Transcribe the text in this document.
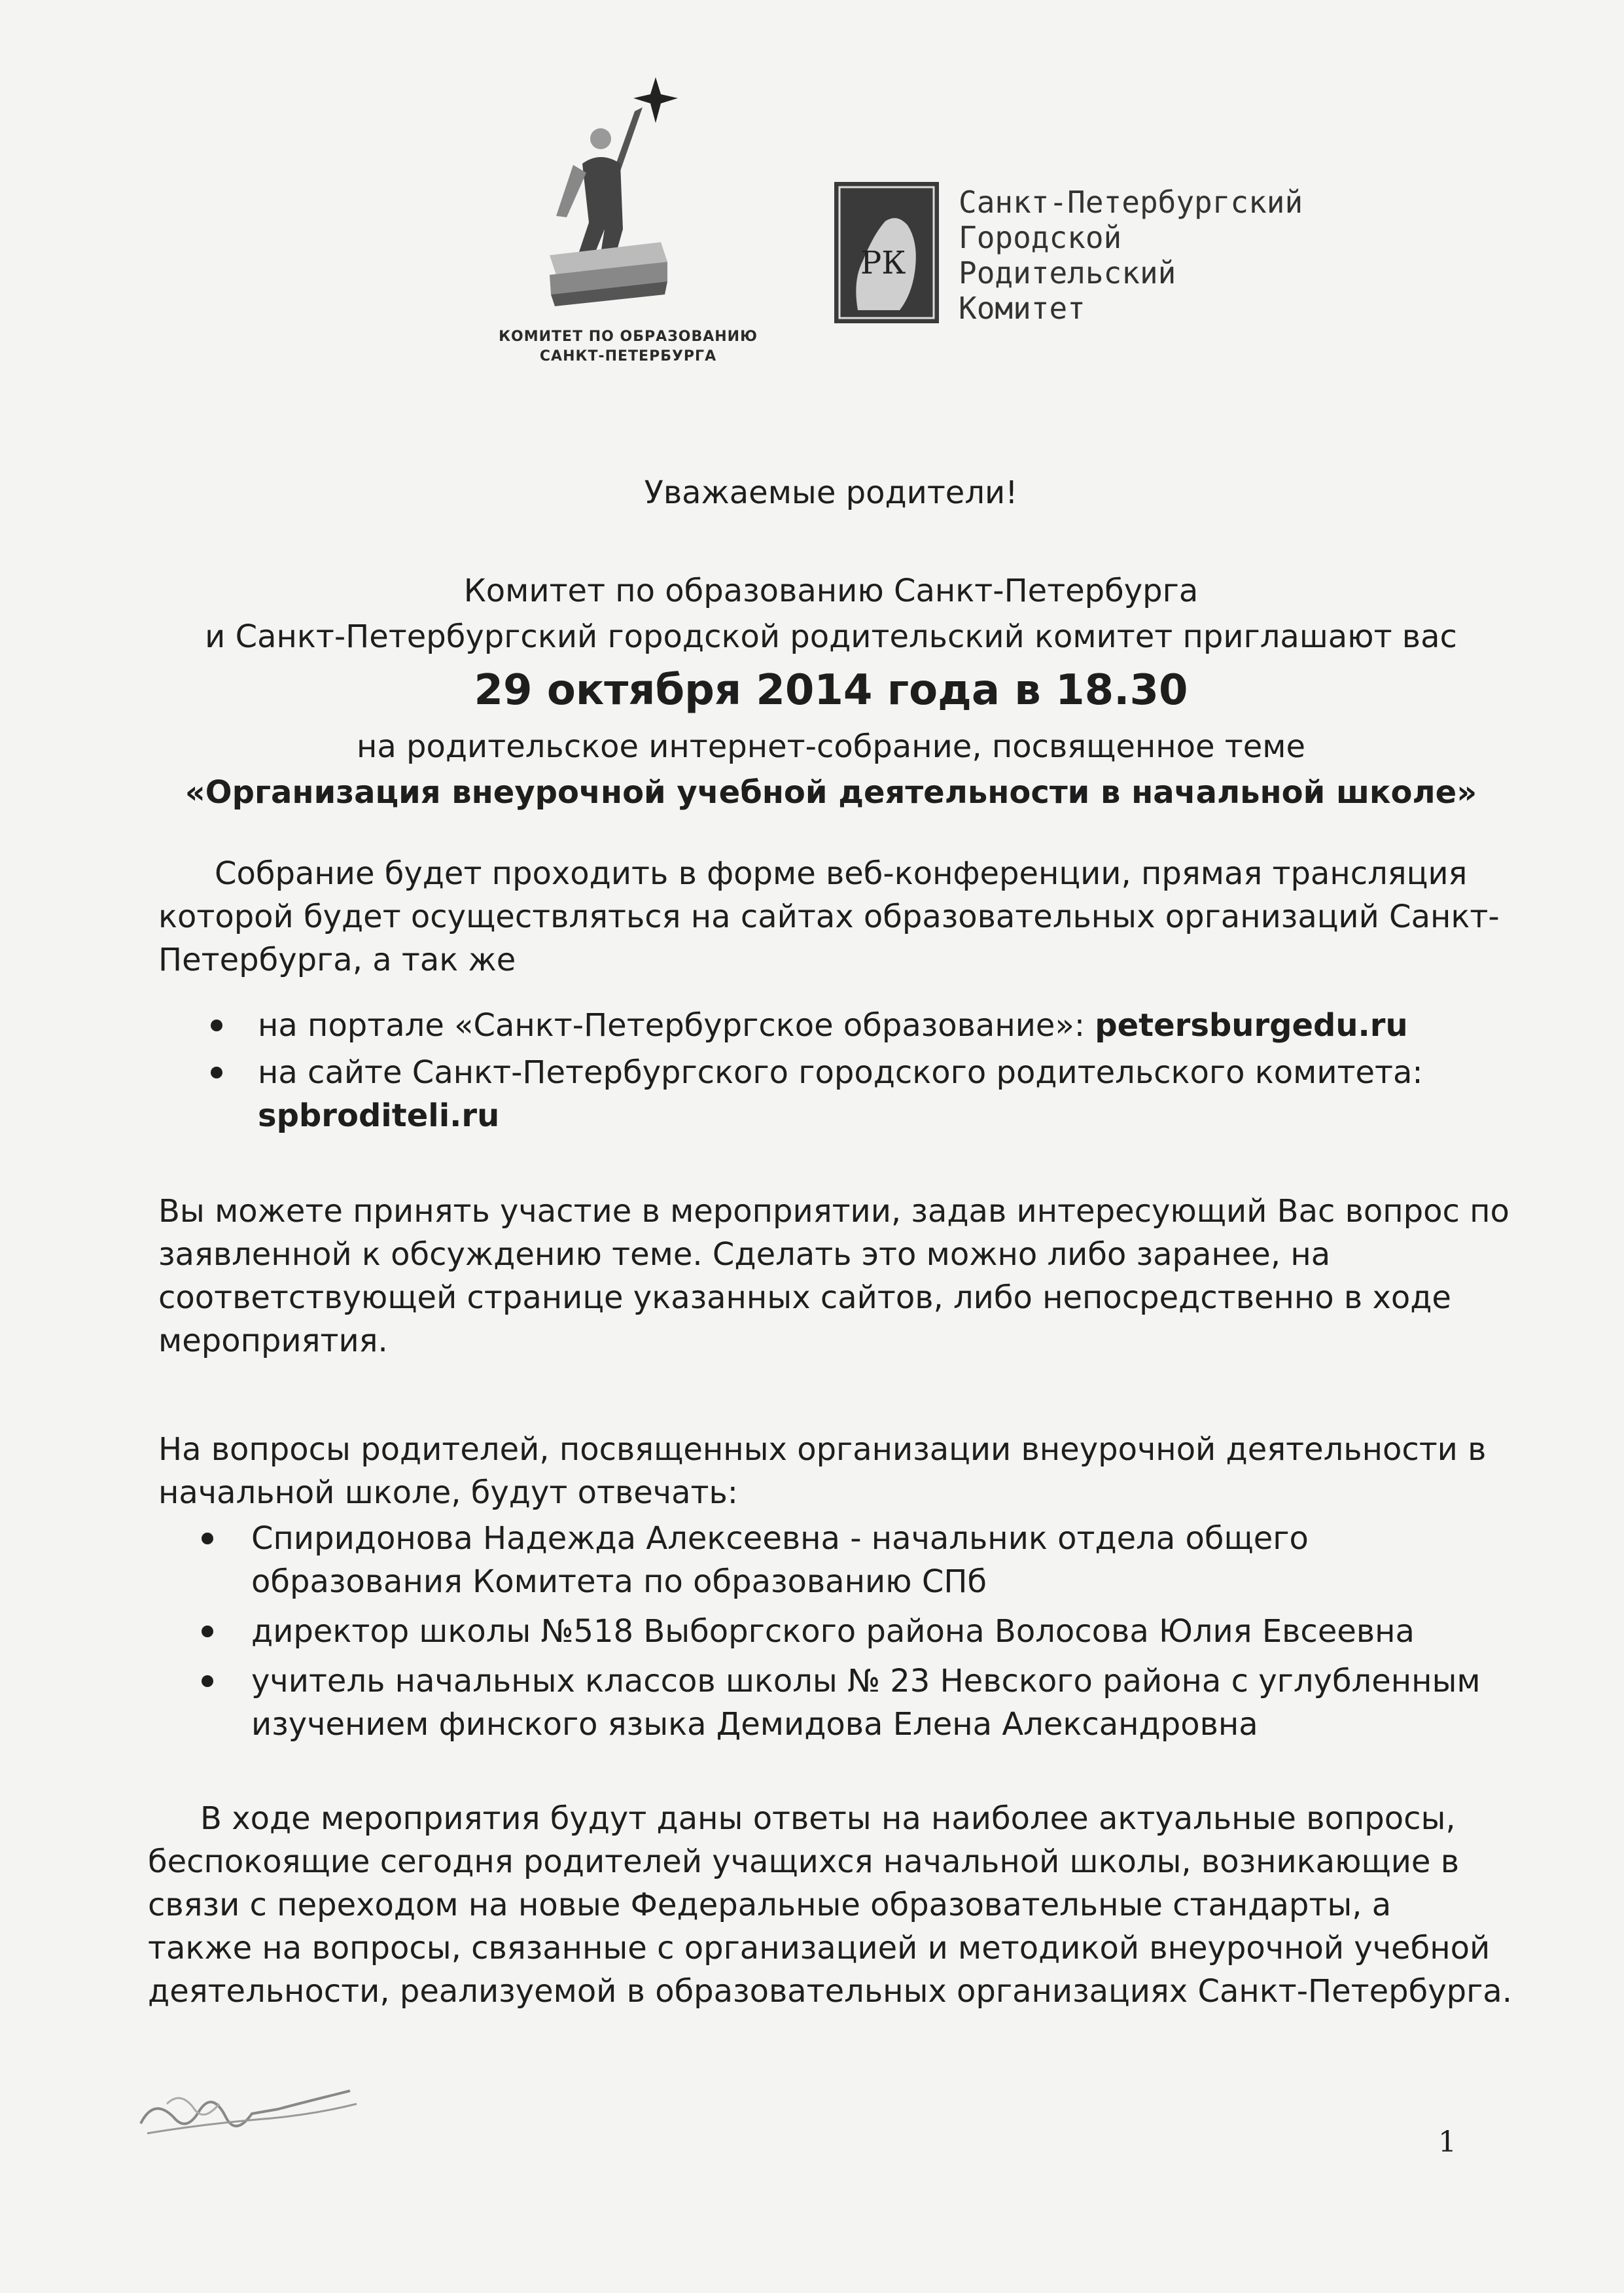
КОМИТЕТ ПО ОБРАЗОВАНИЮ
САНКТ-ПЕТЕРБУРГА
РК
Санкт-Петербургский
Городской
Родительский
Комитет
Уважаемые родители!
Комитет по образованию Санкт-Петербурга
и Санкт-Петербургский городской родительский комитет приглашают вас
29 октября 2014 года в 18.30
на родительское интернет-собрание, посвященное теме
«Организация внеурочной учебной деятельности в начальной школе»
Собрание будет проходить в форме веб-конференции, прямая трансляция
которой будет осуществляться на сайтах образовательных организаций Санкт-
Петербурга, а так же
на портале «Санкт-Петербургское образование»: petersburgedu.ru
на сайте Санкт-Петербургского городского родительского комитета:
spbroditeli.ru
Вы можете принять участие в мероприятии, задав интересующий Вас вопрос по
заявленной к обсуждению теме. Сделать это можно либо заранее, на
соответствующей странице указанных сайтов, либо непосредственно в ходе
мероприятия.
На вопросы родителей, посвященных организации внеурочной деятельности в
начальной школе, будут отвечать:
Спиридонова Надежда Алексеевна - начальник отдела общего
образования Комитета по образованию СПб
директор школы №518 Выборгского района Волосова Юлия Евсеевна
учитель начальных классов школы № 23 Невского района с углубленным
изучением финского языка Демидова Елена Александровна
В ходе мероприятия будут даны ответы на наиболее актуальные вопросы,
беспокоящие сегодня родителей учащихся начальной школы, возникающие в
связи с переходом на новые Федеральные образовательные стандарты, а
также на вопросы, связанные с организацией и методикой внеурочной учебной
деятельности, реализуемой в образовательных организациях Санкт-Петербурга.
1
